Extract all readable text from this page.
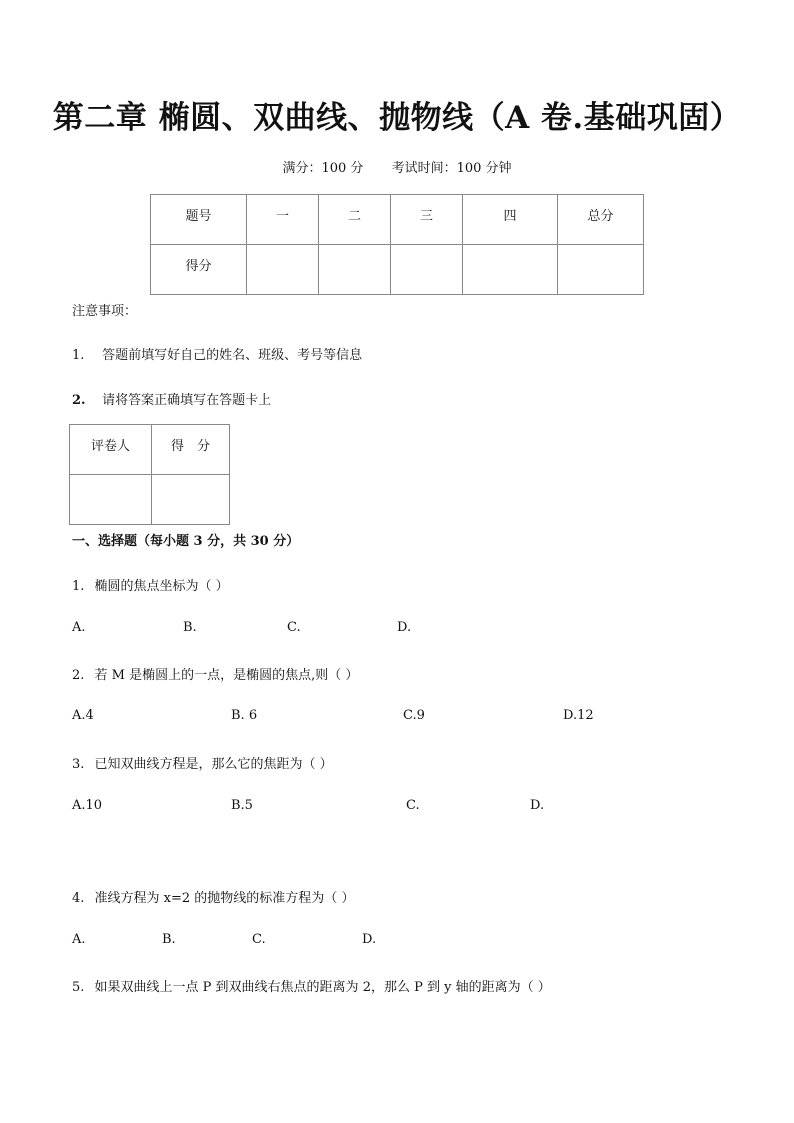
第二章 椭圆、双曲线、抛物线（A 卷.基础巩固）
满分：100 分 考试时间：100 分钟
题号	一	二	三	四	总分
得分					
注意事项：
1. 答题前填写好自己的姓名、班级、考号等信息
2. 请将答案正确填写在答题卡上
评卷人	得　分

一、选择题（每小题 3 分，共 30 分）
1. 椭圆的焦点坐标为（ ）
A.	B.	C.	D.
2. 若 M 是椭圆上的一点，是椭圆的焦点,则（ ）
A.4	B. 6	C.9	D.12
3. 已知双曲线方程是，那么它的焦距为（ ）
A.10	B.5	C.	D.
4. 准线方程为 x=2 的抛物线的标准方程为（ ）
A.	B.	C.	D.
5. 如果双曲线上一点 P 到双曲线右焦点的距离为 2，那么 P 到 y 轴的距离为（ ）
